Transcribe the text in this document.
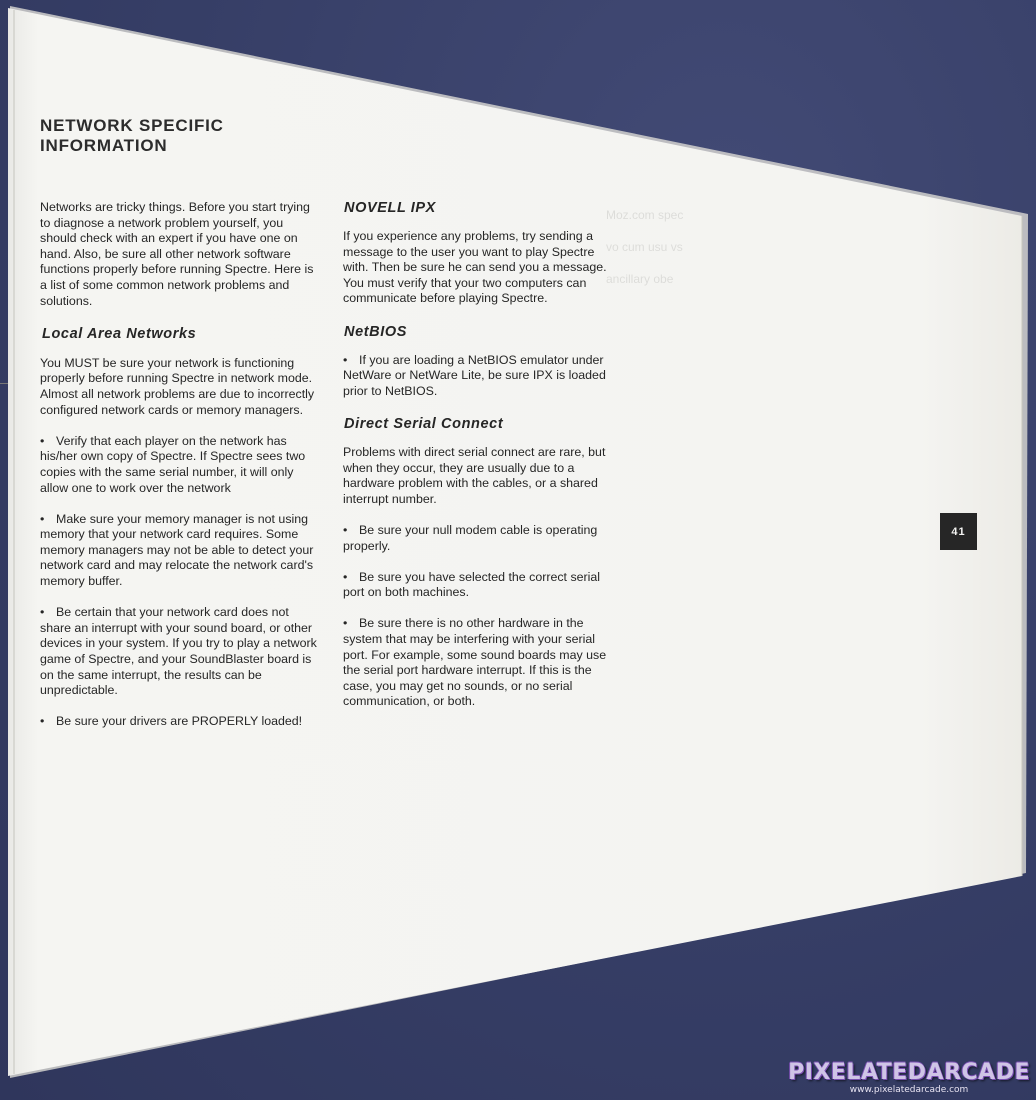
Moz.com spec
vo cum usu vs
ancillary obe
NETWORK SPECIFIC INFORMATION

Networks are tricky things. Before you start trying to diagnose a network problem yourself, you should check with an expert if you have one on hand. Also, be sure all other network software functions properly before running Spectre. Here is a list of some common network problems and solutions.

Local Area Networks

You MUST be sure your network is functioning properly before running Spectre in network mode. Almost all network problems are due to incorrectly configured network cards or memory managers.

• Verify that each player on the network has his/her own copy of Spectre. If Spectre sees two copies with the same serial number, it will only allow one to work over the network

• Make sure your memory manager is not using memory that your network card requires. Some memory managers may not be able to detect your network card and may relocate the network card's memory buffer.

• Be certain that your network card does not share an interrupt with your sound board, or other devices in your system. If you try to play a network game of Spectre, and your SoundBlaster board is on the same interrupt, the results can be unpredictable.

• Be sure your drivers are PROPERLY loaded!

NOVELL IPX

If you experience any problems, try sending a message to the user you want to play Spectre with. Then be sure he can send you a message. You must verify that your two computers can communicate before playing Spectre.

NetBIOS

• If you are loading a NetBIOS emulator under NetWare or NetWare Lite, be sure IPX is loaded prior to NetBIOS.

Direct Serial Connect

Problems with direct serial connect are rare, but when they occur, they are usually due to a hardware problem with the cables, or a shared interrupt number.

• Be sure your null modem cable is operating properly.

• Be sure you have selected the correct serial port on both machines.

• Be sure there is no other hardware in the system that may be interfering with your serial port. For example, some sound boards may use the serial port hardware interrupt. If this is the case, you may get no sounds, or no serial communication, or both.

41
PIXELATEDARCADE
www.pixelatedarcade.com
